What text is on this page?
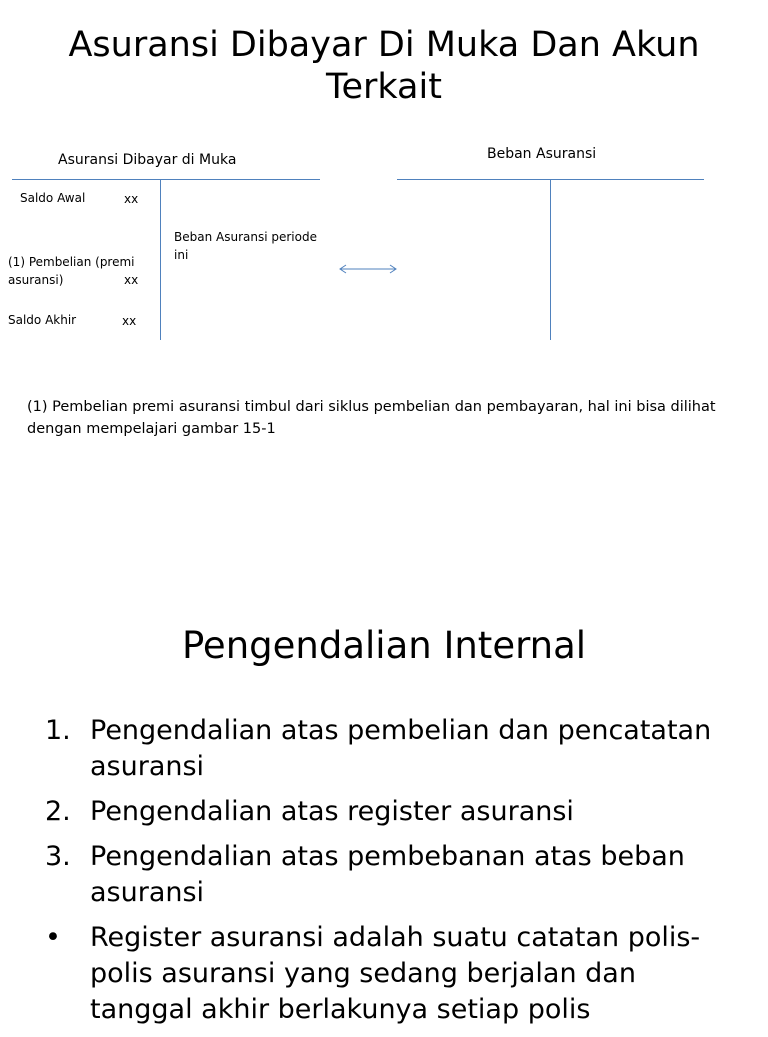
Asuransi Dibayar Di Muka Dan Akun Terkait
Asuransi Dibayar di Muka
Saldo Awal	xx
(1) Pembelian (premi asuransi)	xx
Saldo Akhir	xx
Beban Asuransi periode ini
Beban Asuransi
(1) Pembelian premi asuransi timbul dari siklus pembelian dan pembayaran, hal ini bisa dilihat dengan mempelajari gambar 15-1
Pengendalian Internal
1. Pengendalian atas pembelian dan pencatatan asuransi
2. Pengendalian atas register asuransi
3. Pengendalian atas pembebanan atas beban asuransi
•	Register asuransi adalah suatu catatan polis-polis asuransi yang sedang berjalan dan tanggal akhir berlakunya setiap polis
